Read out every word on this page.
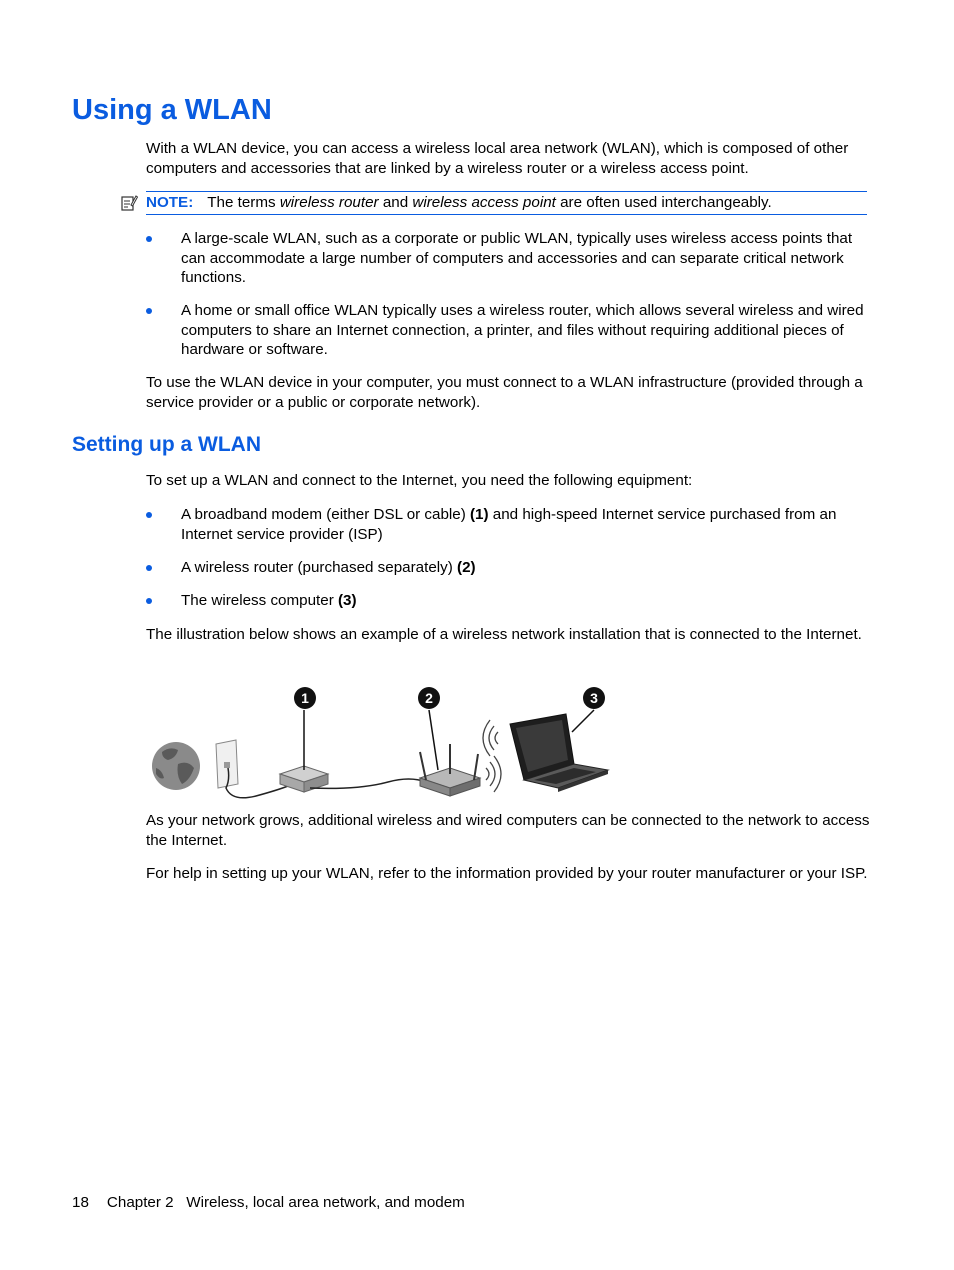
Using a WLAN

With a WLAN device, you can access a wireless local area network (WLAN), which is composed of other computers and accessories that are linked by a wireless router or a wireless access point.

NOTE: The terms wireless router and wireless access point are often used interchangeably.
A large-scale WLAN, such as a corporate or public WLAN, typically uses wireless access points that can accommodate a large number of computers and accessories and can separate critical network functions.
A home or small office WLAN typically uses a wireless router, which allows several wireless and wired computers to share an Internet connection, a printer, and files without requiring additional pieces of hardware or software.

To use the WLAN device in your computer, you must connect to a WLAN infrastructure (provided through a service provider or a public or corporate network).

Setting up a WLAN

To set up a WLAN and connect to the Internet, you need the following equipment:

A broadband modem (either DSL or cable) (1) and high-speed Internet service purchased from an Internet service provider (ISP)
A wireless router (purchased separately) (2)
The wireless computer (3)

The illustration below shows an example of a wireless network installation that is connected to the Internet.

1	2	3

As your network grows, additional wireless and wired computers can be connected to the network to access the Internet.

For help in setting up your WLAN, refer to the information provided by your router manufacturer or your ISP.

18 Chapter 2   Wireless, local area network, and modem
